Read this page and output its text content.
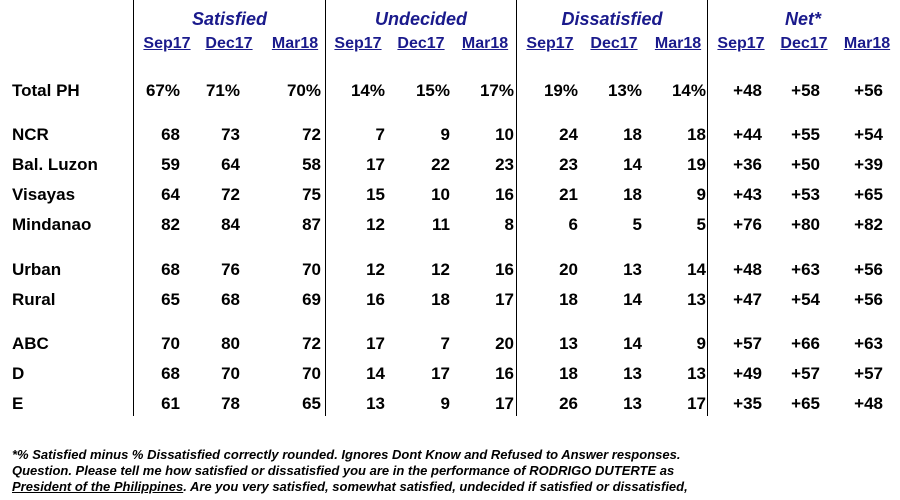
Satisfied	Undecided	Dissatisfied	Net*
Sep17 Dec17	Mar18	Sep17 Dec17	Mar18	Sep17	Dec17	Mar18	Sep17 Dec17	Mar18
Total PH	67%	71%	70%	14%	15%	17%	19%	13%	14%	+48	+58	+56
NCR	68	73	72	7	9	10	24	18	18	+44	+55	+54
Bal. Luzon	59	64	58	17	22	23	23	14	19	+36	+50	+39
Visayas	64	72	75	15	10	16	21	18	9	+43	+53	+65
Mindanao	82	84	87	12	11	8	6	5	5	+76	+80	+82
Urban	68	76	70	12	12	16	20	13	14	+48	+63	+56
Rural	65	68	69	16	18	17	18	14	13	+47	+54	+56
ABC	70	80	72	17	7	20	13	14	9	+57	+66	+63
D	68	70	70	14	17	16	18	13	13	+49	+57	+57
E	61	78	65	13	9	17	26	13	17	+35	+65	+48
*% Satisfied minus % Dissatisfied correctly rounded. Ignores Dont Know and Refused to Answer responses.
Question. Please tell me how satisfied or dissatisfied you are in the performance of RODRIGO DUTERTE as
President of the Philippines. Are you very satisfied, somewhat satisfied, undecided if satisfied or dissatisfied,
